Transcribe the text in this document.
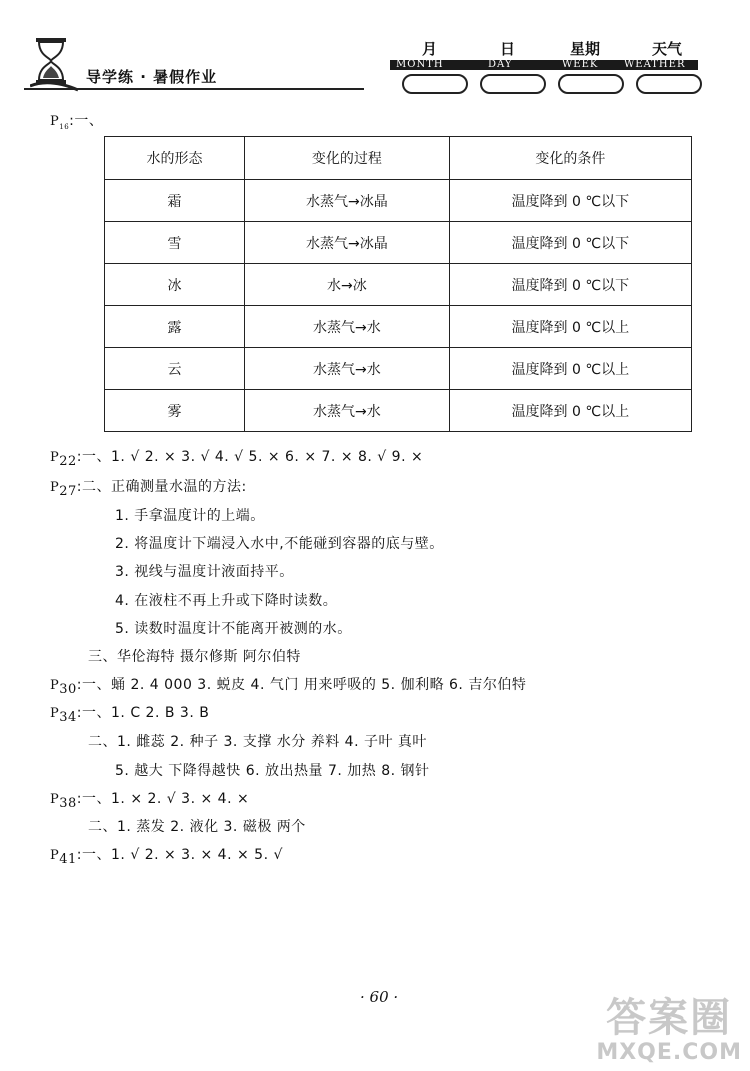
导学练 · 暑假作业
月	日	星期	天气
MONTH	DAY	WEEK	WEATHER
$P_{16}$:一、
水的形态	变化的过程	变化的条件
霜	水蒸气→冰晶	温度降到 0 ℃以下
雪	水蒸气→冰晶	温度降到 0 ℃以下
冰	水→冰	温度降到 0 ℃以下
露	水蒸气→水	温度降到 0 ℃以上
云	水蒸气→水	温度降到 0 ℃以上
雾	水蒸气→水	温度降到 0 ℃以上
$P_{22}$:一、1. √ 2. × 3. √ 4. √ 5. × 6. × 7. × 8. √ 9. ×
$P_{27}$:二、正确测量水温的方法:
1. 手拿温度计的上端。
2. 将温度计下端浸入水中,不能碰到容器的底与壁。
3. 视线与温度计液面持平。
4. 在液柱不再上升或下降时读数。
5. 读数时温度计不能离开被测的水。
三、华伦海特 摄尔修斯 阿尔伯特
$P_{30}$:一、蛹 2. 4 000 3. 蜕皮 4. 气门 用来呼吸的 5. 伽利略 6. 吉尔伯特
$P_{34}$:一、1. C 2. B 3. B
二、1. 雌蕊 2. 种子 3. 支撑 水分 养料 4. 子叶 真叶
5. 越大 下降得越快 6. 放出热量 7. 加热 8. 钢针
$P_{38}$:一、1. × 2. √ 3. × 4. ×
二、1. 蒸发 2. 液化 3. 磁极 两个
$P_{41}$:一、1. √ 2. × 3. × 4. × 5. √
· 60 ·	答案圈
MXQE.COM
